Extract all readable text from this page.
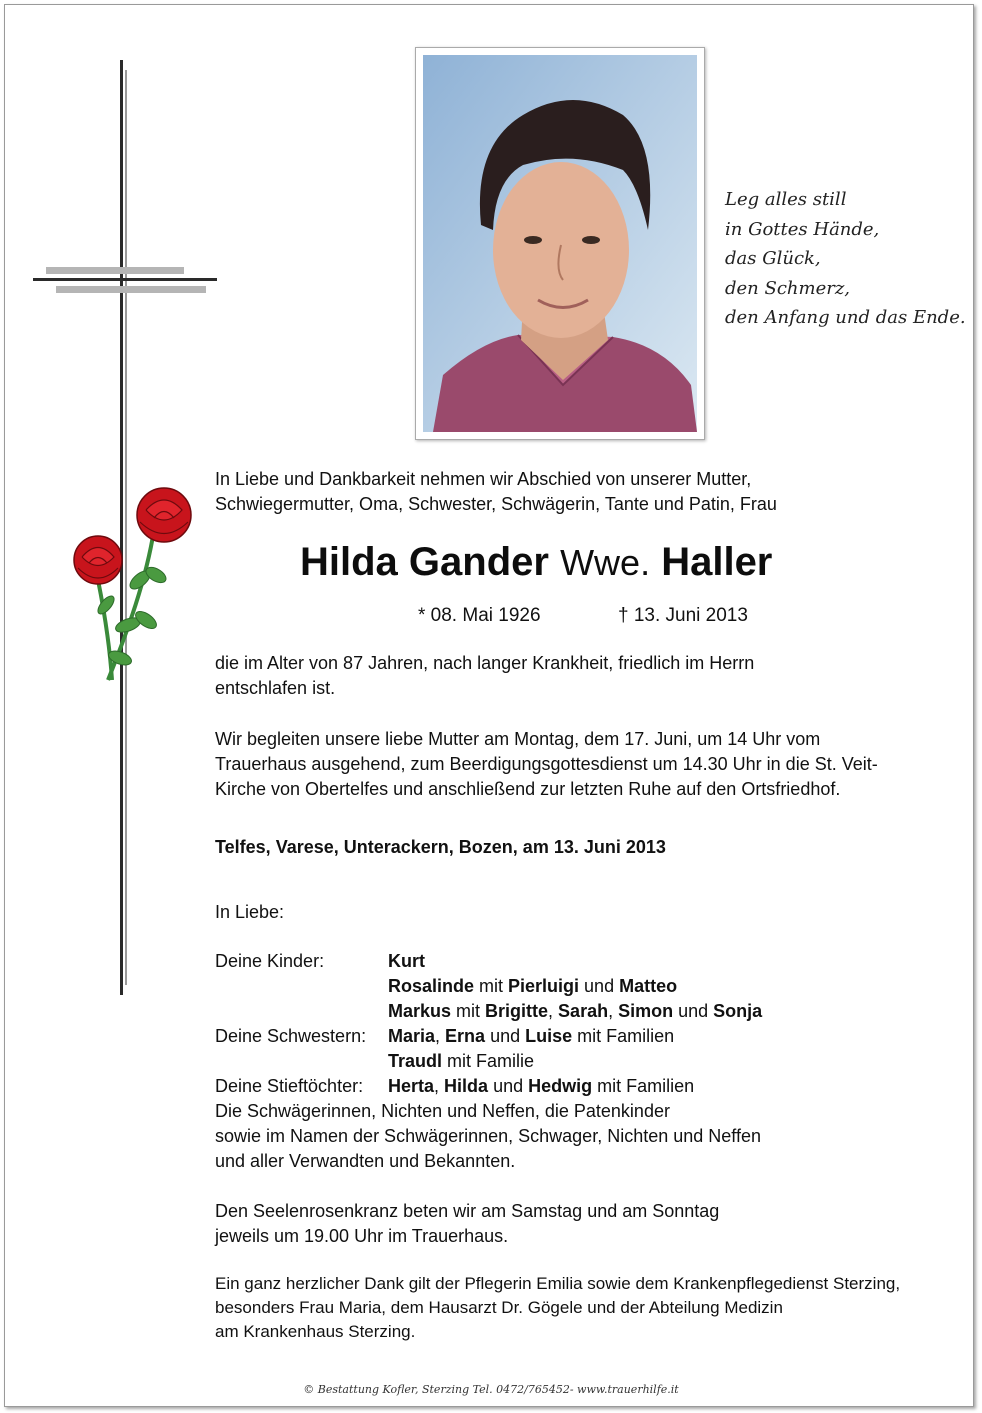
Leg alles still
in Gottes Hände,
das Glück,
den Schmerz,
den Anfang und das Ende.
In Liebe und Dankbarkeit nehmen wir Abschied von unserer Mutter,
Schwiegermutter, Oma, Schwester, Schwägerin, Tante und Patin, Frau
Hilda Gander Wwe. Haller
* 08. Mai 1926	† 13. Juni 2013
die im Alter von 87 Jahren, nach langer Krankheit, friedlich im Herrn
entschlafen ist.
Wir begleiten unsere liebe Mutter am Montag, dem 17. Juni, um 14 Uhr vom
Trauerhaus ausgehend, zum Beerdigungsgottesdienst um 14.30 Uhr in die St. Veit-
Kirche von Obertelfes und anschließend zur letzten Ruhe auf den Ortsfriedhof.
Telfes, Varese, Unterackern, Bozen, am 13. Juni 2013
In Liebe:
Deine Kinder:	Kurt
Rosalinde mit Pierluigi und Matteo
Markus mit Brigitte, Sarah, Simon und Sonja
Deine Schwestern: Maria, Erna und Luise mit Familien
Traudl mit Familie
Deine Stieftöchter: Herta, Hilda und Hedwig mit Familien
Die Schwägerinnen, Nichten und Neffen, die Patenkinder
sowie im Namen der Schwägerinnen, Schwager, Nichten und Neffen
und aller Verwandten und Bekannten.
Den Seelenrosenkranz beten wir am Samstag und am Sonntag
jeweils um 19.00 Uhr im Trauerhaus.
Ein ganz herzlicher Dank gilt der Pflegerin Emilia sowie dem Krankenpflegedienst Sterzing,
besonders Frau Maria, dem Hausarzt Dr. Gögele und der Abteilung Medizin
am Krankenhaus Sterzing.
© Bestattung Kofler, Sterzing Tel. 0472/765452- www.trauerhilfe.it
